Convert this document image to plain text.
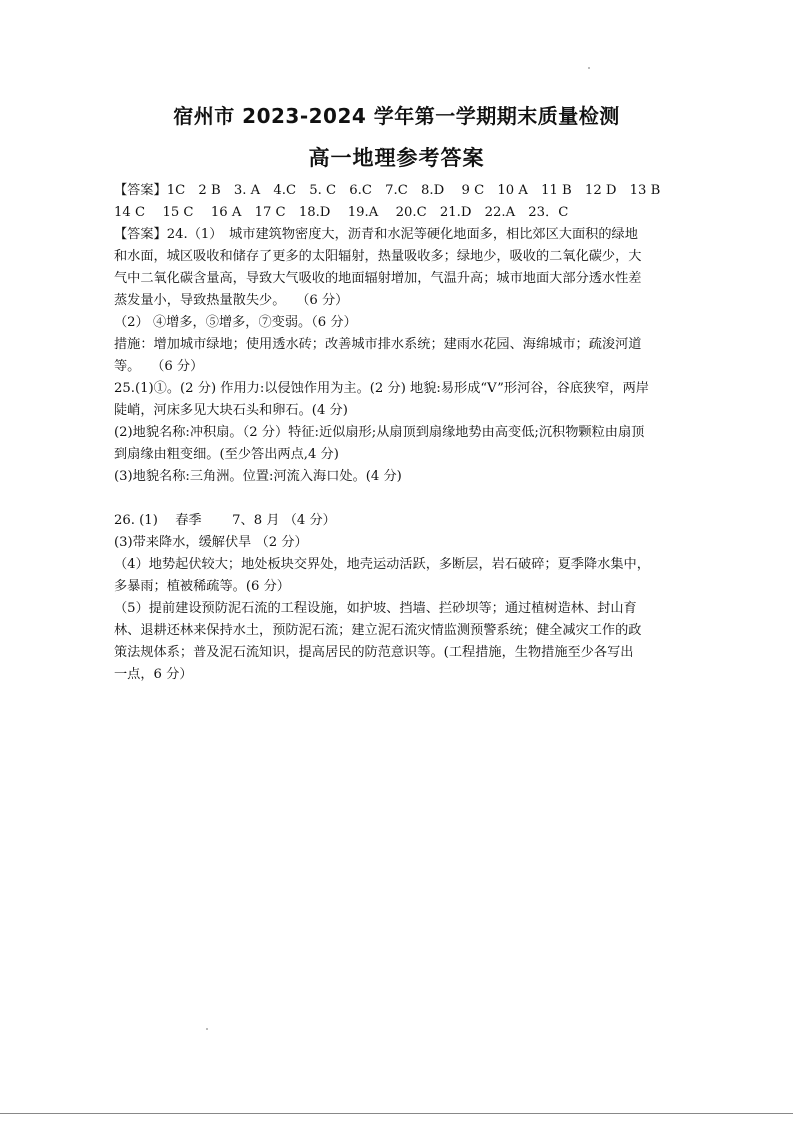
宿州市 2023-2024 学年第一学期期末质量检测
高一地理参考答案
【答案】1C　2 B　3. A　4.C　5. C　6.C　7.C　8.D　 9 C　10 A　11 B　12 D　13 B
14 C　 15 C　 16 A　17 C　18.D　 19.A　 20.C　21.D　22.A　23．C
【答案】24.（1）　城市建筑物密度大，沥青和水泥等硬化地面多，相比郊区大面积的绿地
和水面，城区吸收和储存了更多的太阳辐射，热量吸收多；绿地少，吸收的二氧化碳少，大
气中二氧化碳含量高，导致大气吸收的地面辐射增加，气温升高；城市地面大部分透水性差
蒸发量小，导致热量散失少。　 （6 分）
（2） ④增多，⑤增多，⑦变弱。（6 分）
措施：增加城市绿地；使用透水砖；改善城市排水系统；建雨水花园、海绵城市；疏浚河道
等。　 （6 分）
25.(1)①。(2 分) 作用力:以侵蚀作用为主。(2 分) 地貌:易形成“V”形河谷，谷底狭窄，两岸
陡峭，河床多见大块石头和卵石。(4 分)
(2)地貌名称:冲积扇。（2 分）特征:近似扇形;从扇顶到扇缘地势由高变低;沉积物颗粒由扇顶
到扇缘由粗变细。(至少答出两点,4 分)
(3)地貌名称:三角洲。位置:河流入海口处。(4 分)
26. (1)　 春季　　 7、8 月 （4 分）
(3)带来降水，缓解伏旱 （2 分）
（4）地势起伏较大；地处板块交界处，地壳运动活跃，多断层，岩石破碎；夏季降水集中，
多暴雨；植被稀疏等。(6 分）
（5）提前建设预防泥石流的工程设施，如护坡、挡墙、拦砂坝等；通过植树造林、封山育
林、退耕还林来保持水土，预防泥石流；建立泥石流灾情监测预警系统；健全减灾工作的政
策法规体系；普及泥石流知识，提高居民的防范意识等。(工程措施，生物措施至少各写出
一点，6 分）
